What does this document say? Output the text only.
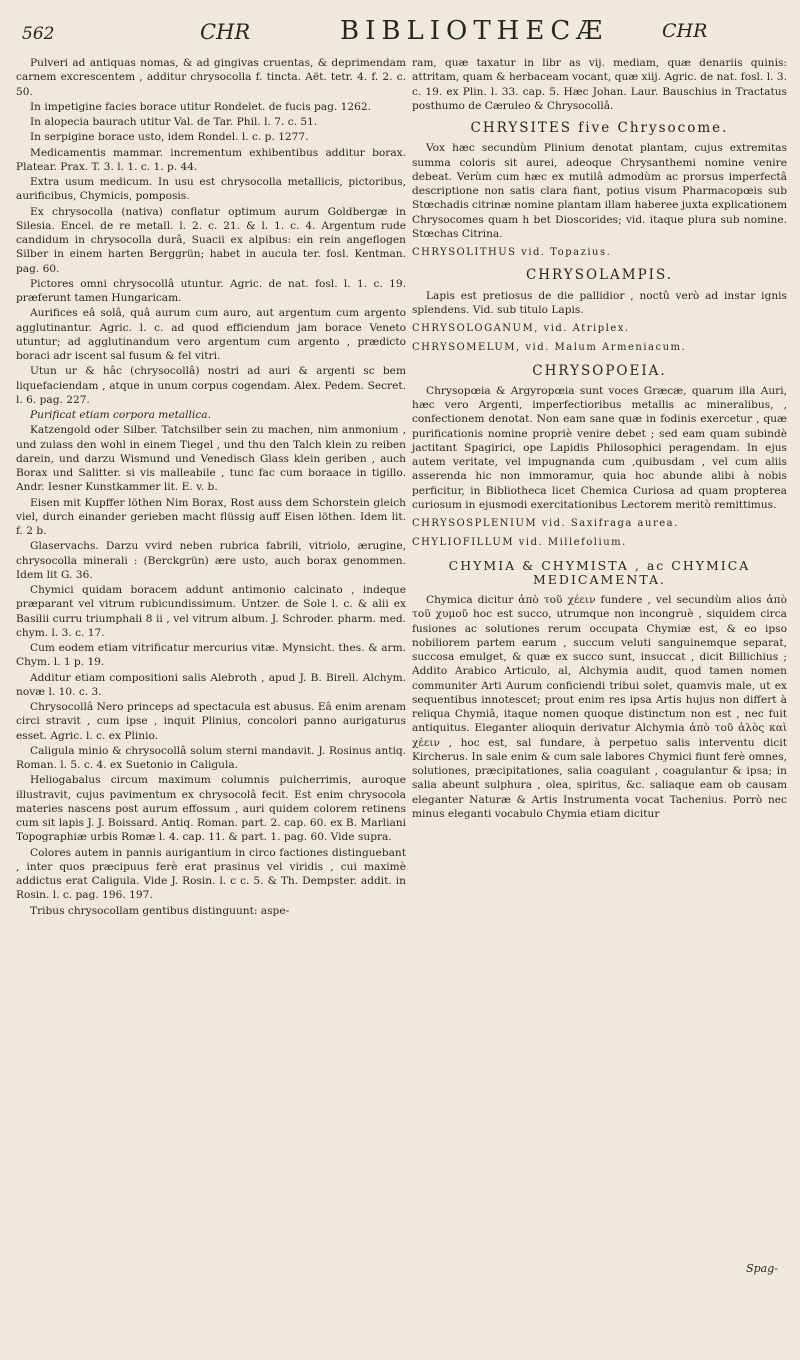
562	CHR	BIBLIOTHECÆ	CHR

Pulveri ad antiquas nomas, & ad gingivas cruentas, & deprimendam carnem excrescentem , additur chrysocolla f. tincta. Aët. tetr. 4. f. 2. c. 50.

In impetigine facies borace utitur Rondelet. de fucis pag. 1262.

In alopecia baurach utitur Val. de Tar. Phil. l. 7. c. 51.

In serpigine borace usto, idem Rondel. l. c. p. 1277.

Medicamentis mammar. incrementum exhibentibus additur borax. Platear. Prax. T. 3. l. 1. c. 1. p. 44.

Extra usum medicum. In usu est chrysocolla metallicis, pictoribus, aurificibus, Chymicis, pomposis.

Ex chrysocolla (nativa) conflatur optimum aurum Goldbergæ in Silesia. Encel. de re metall. l. 2. c. 21. & l. 1. c. 4. Argentum rude candidum in chrysocolla durâ, Suacii ex alpibus: ein rein angeflogen Silber in einem harten Berggrün; habet in aucula ter. fosl. Kentman. pag. 60.

Pictores omni chrysocollâ utuntur. Agric. de nat. fosl. l. 1. c. 19. præferunt tamen Hungaricam.

Aurifices eâ solâ, quâ aurum cum auro, aut argentum cum argento agglutinantur. Agric. l. c. ad quod efficiendum jam borace Veneto utuntur; ad agglutinandum vero argentum cum argento , prædicto boraci adr iscent sal fusum & fel vitri.

Utun ur & hâc (chrysocollâ) nostri ad auri & argenti sc bem liquefaciendam , atque in unum corpus cogendam. Alex. Pedem. Secret. l. 6. pag. 227.

Purificat etiam corpora metallica.

Katzengold oder Silber. Tatchsilber sein zu machen, nim anmonium , und zulass den wohl in einem Tiegel , und thu den Talch klein zu reiben darein, und darzu Wismund und Venedisch Glass klein geriben , auch Borax und Salitter. si vis malleabile , tunc fac cum boraace in tigillo. Andr. Iesner Kunstkammer lit. E. v. b.

Eisen mit Kupffer löthen Nim Borax, Rost auss dem Schorstein gleich viel, durch einander gerieben macht flüssig auff Eisen löthen. Idem lit. f. 2 b.

Glaservachs. Darzu vvird neben rubrica fabrili, vitriolo, ærugine, chrysocolla minerali : (Berckgrün) ære usto, auch borax genommen. Idem lit G. 36.

Chymici quidam boracem addunt antimonio calcinato , indeque præparant vel vitrum rubicundissimum. Untzer. de Sole l. c. & alii ex Basilii curru triumphali 8 ii , vel vitrum album. J. Schroder. pharm. med. chym. l. 3. c. 17.

Cum eodem etiam vitrificatur mercurius vitæ. Mynsicht. thes. & arm. Chym. l. 1 p. 19.

Additur etiam compositioni salis Alebroth , apud J. B. Birell. Alchym. novæ l. 10. c. 3.

Chrysocollâ Nero princeps ad spectacula est abusus. Eâ enim arenam circi stravit , cum ipse , inquit Plinius, concolori panno aurigaturus esset. Agric. l. c. ex Plinio.

Caligula minio & chrysocollâ solum sterni mandavit. J. Rosinus antiq. Roman. l. 5. c. 4. ex Suetonio in Caligula.

Heliogabalus circum maximum columnis pulcherrimis, auroque illustravit, cujus pavimentum ex chrysocolâ fecit. Est enim chrysocola materies nascens post aurum effossum , auri quidem colorem retinens cum sit lapis J. J. Boissard. Antiq. Roman. part. 2. cap. 60. ex B. Marliani Topographiæ urbis Romæ l. 4. cap. 11. & part. 1. pag. 60. Vide supra.

Colores autem in pannis aurigantium in circo factiones distinguebant , inter quos præcipuus ferè erat prasinus vel viridis , cui maximè addictus erat Caligula. Vide J. Rosin. l. c c. 5. & Th. Dempster. addit. in Rosin. l. c. pag. 196. 197.

Tribus chrysocollam gentibus distinguunt: aspe-

ram, quæ taxatur in libr as vij. mediam, quæ denariis quinis: attritam, quam & herbaceam vocant, quæ xiij. Agric. de nat. fosl. l. 3. c. 19. ex Plin. l. 33. cap. 5. Hæc Johan. Laur. Bauschius in Tractatus posthumo de Cæruleo & Chrysocollâ.

CHRYSITES five Chrysocome.

Vox hæc secundùm Plinium denotat plantam, cujus extremitas summa coloris sit aurei, adeoque Chrysanthemi nomine venire debeat. Verùm cum hæc ex mutilâ admodùm ac prorsus imperfectâ descriptione non satis clara fiant, potius visum Pharmacopœis sub Stœchadis citrinæ nomine plantam illam haberee juxta explicationem Chrysocomes quam h bet Dioscorides; vid. itaque plura sub nomine. Stœchas Citrina.

CHRYSOLITHUS vid. Topazius.

CHRYSOLAMPIS.

Lapis est pretiosus de die pallidior , noctû verò ad instar ignis splendens. Vid. sub titulo Lapis.

CHRYSOLOGANUM, vid. Atriplex.

CHRYSOMELUM, vid. Malum Armeniacum.

CHRYSOPOEIA.

Chrysopœia & Argyropœia sunt voces Græcæ, quarum illa Auri, hæc vero Argenti, imperfectioribus metallis ac mineralibus, , confectionem denotat. Non eam sane quæ in fodinis exercetur , quæ purificationis nomine propriè venire debet ; sed eam quam subindè jactitant Spagirici, ope Lapidis Philosophici peragendam. In ejus autem veritate, vel impugnanda cum ,quibusdam , vel cum aliis asserenda hic non immoramur, quia hoc abunde alibi à nobis perficitur, in Bibliotheca licet Chemica Curiosa ad quam propterea curiosum in ejusmodi exercitationibus Lectorem meritò remittimus.

CHRYSOSPLENIUM vid. Saxifraga aurea.

CHYLIOFILLUM vid. Millefolium.

CHYMIA & CHYMISTA , ac CHYMICA MEDICAMENTA.

Chymica dicitur ἀπὸ τοῦ χέειν fundere , vel secundùm alios ἀπὸ τοῦ χυμοῦ hoc est succo, utrumque non incongruè , siquidem circa fusiones ac solutiones rerum occupata Chymiæ est, & eo ipso nobiliorem partem earum , succum veluti sanguinemque separat, succosa emulget, & quæ ex succo sunt, insuccat , dicit Billichius ; Addito Arabico Articulo, al, Alchymia audit, quod tamen nomen communiter Arti Aurum conficiendi tribui solet, quamvis male, ut ex sequentibus innotescet; prout enim res ipsa Artis hujus non differt à reliqua Chymiâ, itaque nomen quoque distinctum non est , nec fuit antiquitus. Eleganter alioquin derivatur Alchymia ἀπὸ τοῦ ἁλὸς καὶ χέειν , hoc est, sal fundare, à perpetuo salis interventu dicit Kircherus. In sale enim & cum sale labores Chymici fiunt ferè omnes, solutiones, præcipitationes, salia coagulant , coagulantur & ipsa; in salia abeunt sulphura , olea, spiritus, &c. saliaque eam ob causam eleganter Naturæ & Artis Instrumenta vocat Tachenius. Porrò nec minus eleganti vocabulo Chymia etiam dicitur

Spag-
